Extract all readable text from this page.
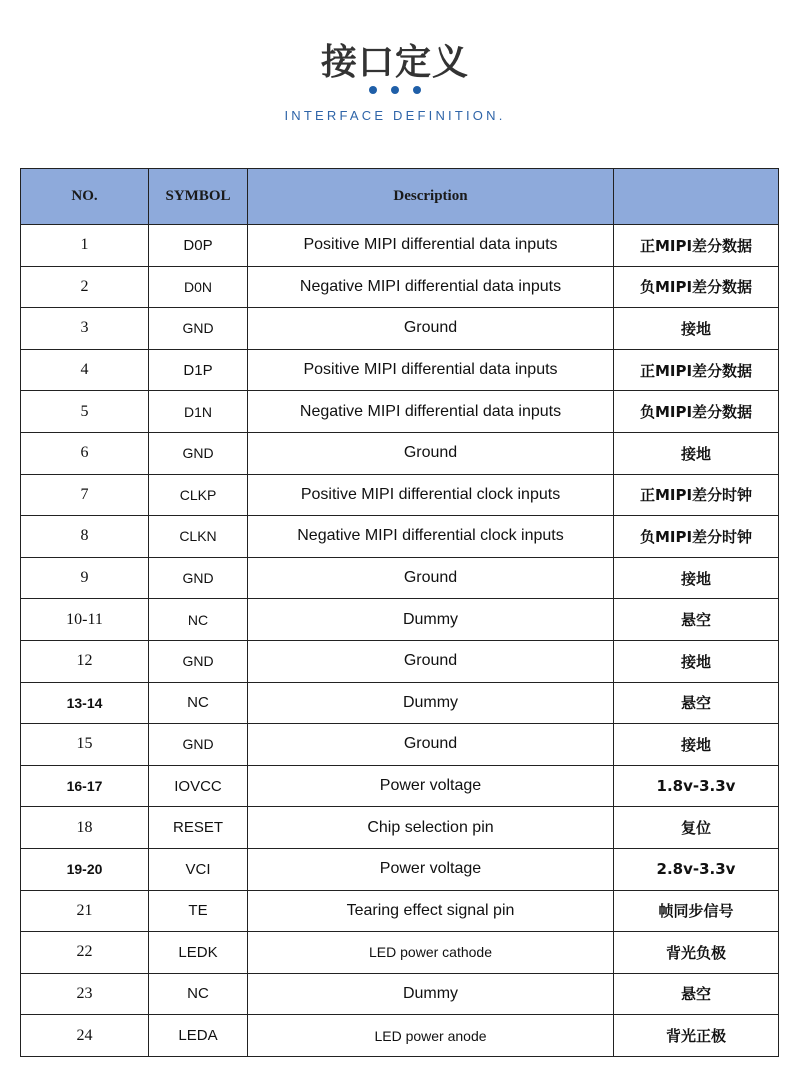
接口定义
INTERFACE DEFINITION.
NO.	SYMBOL	Description	
1	D0P	Positive MIPI differential data inputs	正MIPI差分数据
2	D0N	Negative MIPI differential data inputs	负MIPI差分数据
3	GND	Ground	接地
4	D1P	Positive MIPI differential data inputs	正MIPI差分数据
5	D1N	Negative MIPI differential data inputs	负MIPI差分数据
6	GND	Ground	接地
7	CLKP	Positive MIPI differential clock inputs	正MIPI差分时钟
8	CLKN	Negative MIPI differential clock inputs	负MIPI差分时钟
9	GND	Ground	接地
10-11	NC	Dummy	悬空
12	GND	Ground	接地
13-14	NC	Dummy	悬空
15	GND	Ground	接地
16-17	IOVCC	Power voltage	1.8v-3.3v
18	RESET	Chip selection pin	复位
19-20	VCI	Power voltage	2.8v-3.3v
21	TE	Tearing effect signal pin	帧同步信号
22	LEDK	LED power cathode	背光负极
23	NC	Dummy	悬空
24	LEDA	LED power anode	背光正极
